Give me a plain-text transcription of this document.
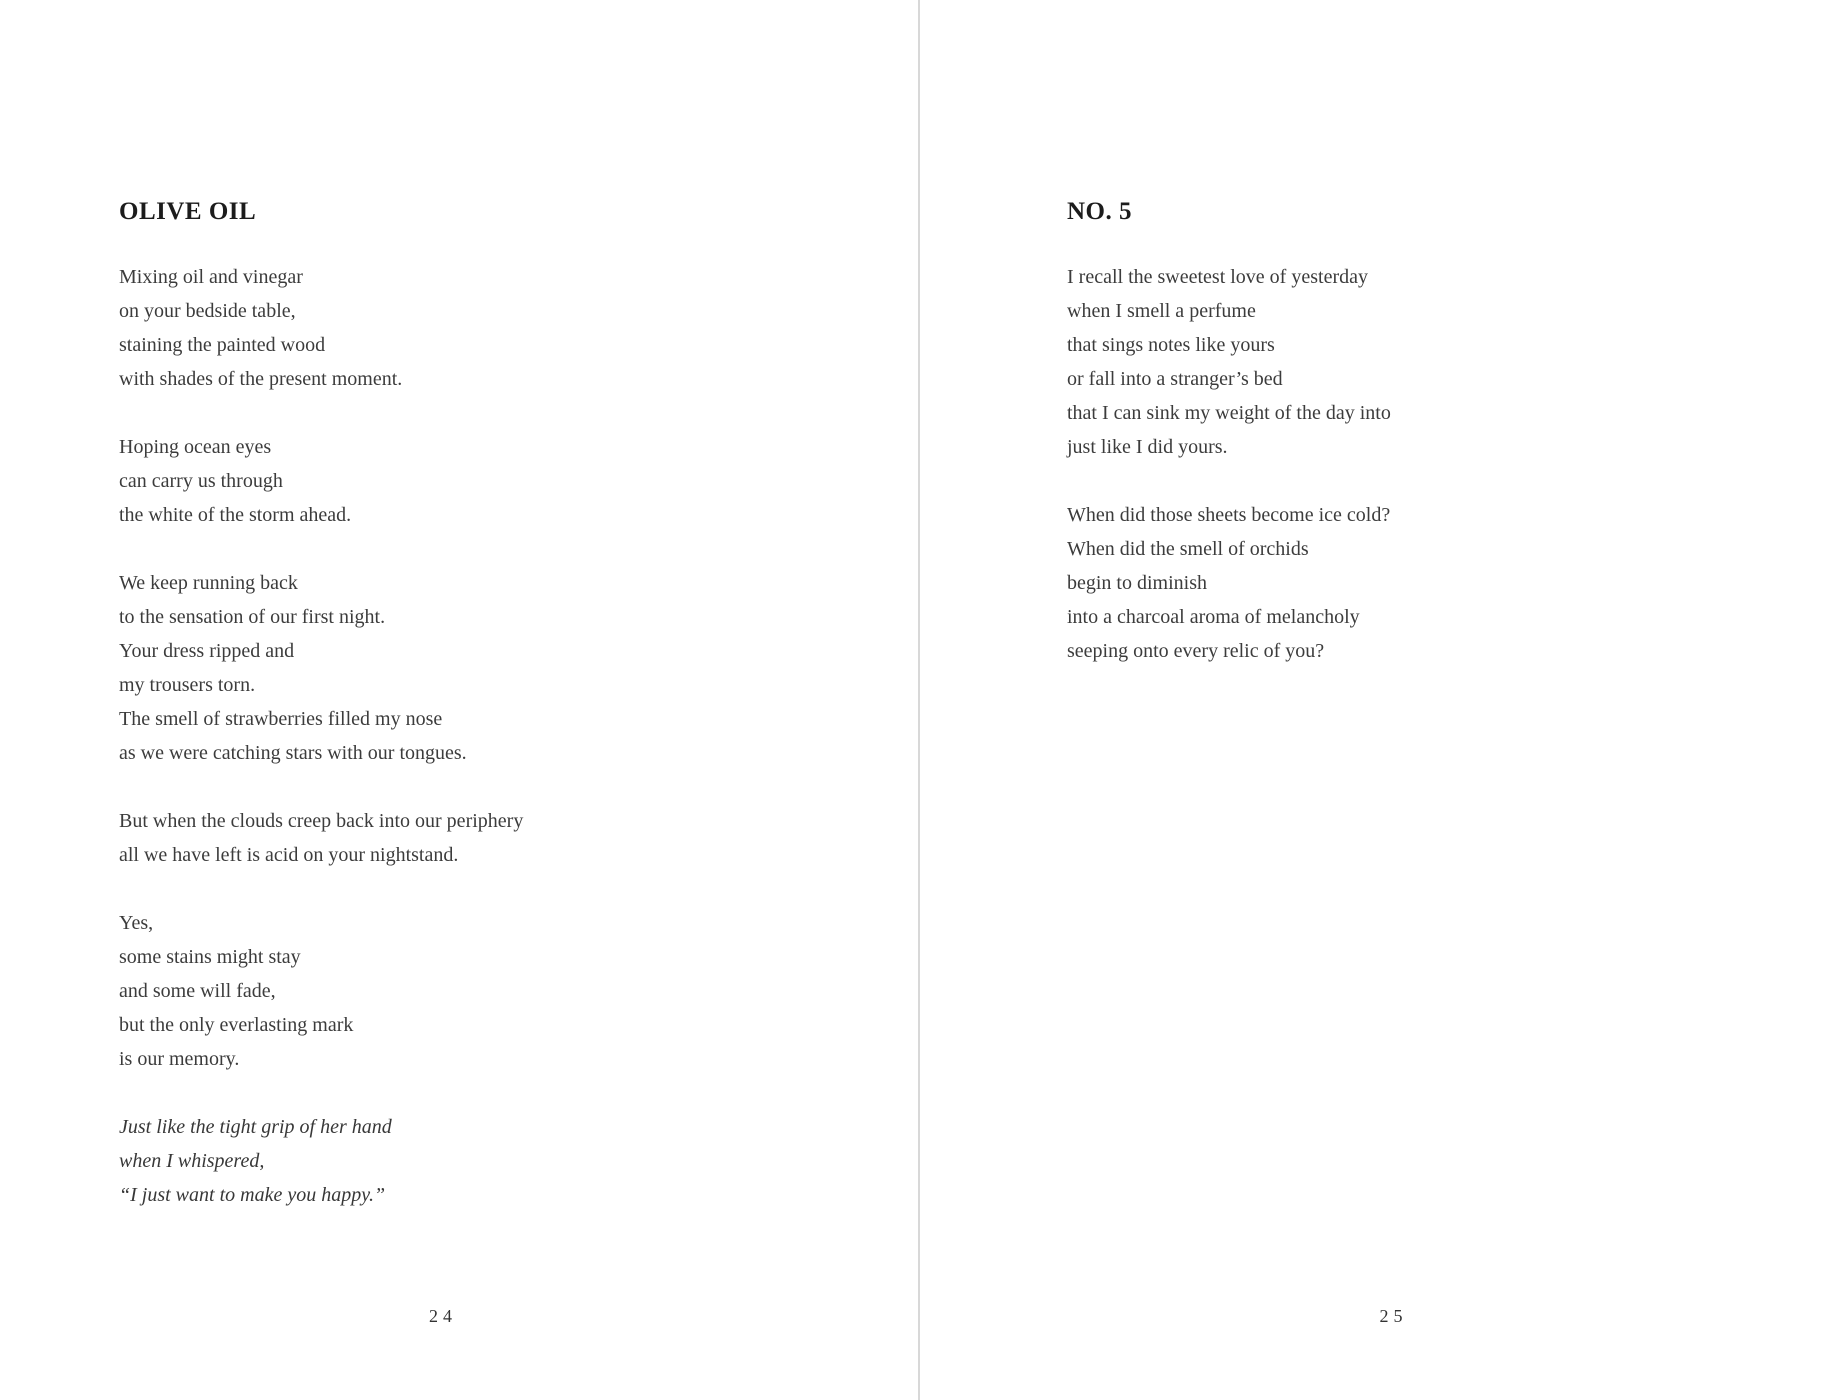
OLIVE OIL

Mixing oil and vinegar

on your bedside table,

staining the painted wood

with shades of the present moment.

Hoping ocean eyes

can carry us through

the white of the storm ahead.

We keep running back

to the sensation of our first night.

Your dress ripped and

my trousers torn.

The smell of strawberries filled my nose

as we were catching stars with our tongues.

But when the clouds creep back into our periphery

all we have left is acid on your nightstand.

Yes,

some stains might stay

and some will fade,

but the only everlasting mark

is our memory.

Just like the tight grip of her hand

when I whispered,

“I just want to make you happy.”

24
NO. 5

I recall the sweetest love of yesterday

when I smell a perfume

that sings notes like yours

or fall into a stranger’s bed

that I can sink my weight of the day into

just like I did yours.

When did those sheets become ice cold?

When did the smell of orchids

begin to diminish

into a charcoal aroma of melancholy

seeping onto every relic of you?

25
